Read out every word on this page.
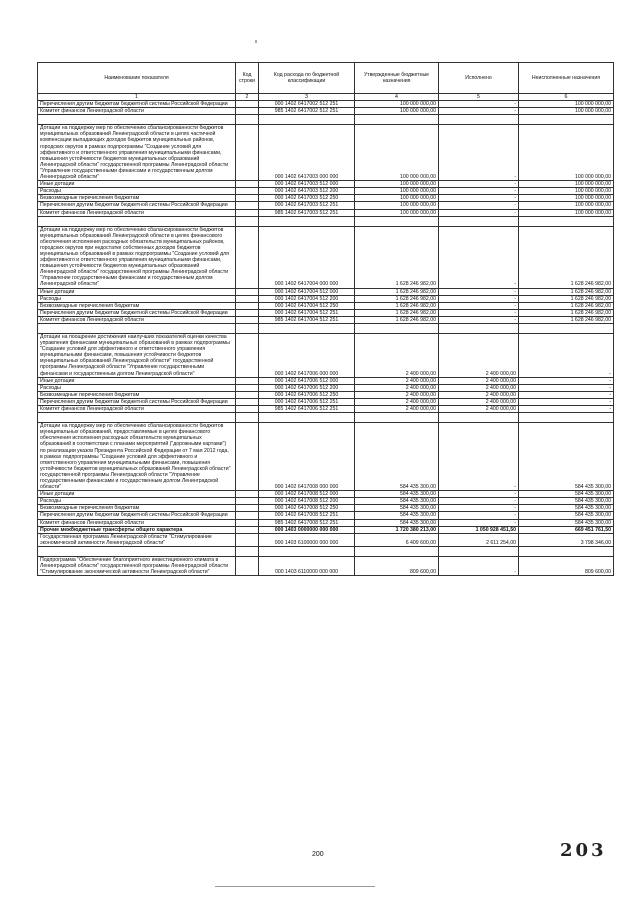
Наименование показателя	Код строки	Код расхода по бюджетной классификации	Утвержденные бюджетные назначения	Исполнено	Неисполненные назначения
1	2	3	4	5	6
Перечисления другим бюджетам бюджетной системы Российской Федерации		000 1402 6417002 512 251	100 000 000,00	-	100 000 000,00
Комитет финансов Ленинградской области		985 1402 6417002 512 251	100 000 000,00	-	100 000 000,00

Дотации на поддержку мер по обеспечению сбалансированности бюджетов муниципальных образований Ленинградской области в целях частичной компенсации выпадающих доходов бюджетов муниципальных районов, городских округов в рамках подпрограммы "Создание условий для эффективного и ответственного управления муниципальными финансами, повышения устойчивости бюджетов муниципальных образований Ленинградской области" государственной программы Ленинградской области "Управление государственными финансами и государственным долгом Ленинградской области"		000 1402 6417003 000 000	100 000 000,00	-	100 000 000,00
Иные дотации		000 1402 6417003 512 000	100 000 000,00	-	100 000 000,00
Расходы		000 1402 6417003 512 200	100 000 000,00	-	100 000 000,00
Безвозмездные перечисления бюджетам		000 1402 6417003 512 250	100 000 000,00	-	100 000 000,00
Перечисления другим бюджетам бюджетной системы Российской Федерации		000 1402 6417003 512 251	100 000 000,00	-	100 000 000,00
Комитет финансов Ленинградской области		985 1402 6417003 512 251	100 000 000,00	-	100 000 000,00

Дотации на поддержку мер по обеспечению сбалансированности бюджетов муниципальных образований Ленинградской области в целях финансового обеспечения исполнения расходных обязательств муниципальных районов, городских округов при недостатке собственных доходов бюджетов муниципальных образований в рамках подпрограммы "Создание условий для эффективного и ответственного управления муниципальными финансами, повышения устойчивости бюджетов муниципальных образований Ленинградской области" государственной программы Ленинградской области "Управление государственными финансами и государственным долгом Ленинградской области"		000 1402 6417004 000 000	1 628 246 982,00	-	1 628 246 982,00
Иные дотации		000 1402 6417004 512 000	1 628 246 982,00	-	1 628 246 982,00
Расходы		000 1402 6417004 512 200	1 628 246 982,00	-	1 628 246 982,00
Безвозмездные перечисления бюджетам		000 1402 6417004 512 250	1 628 246 982,00	-	1 628 246 982,00
Перечисления другим бюджетам бюджетной системы Российской Федерации		000 1402 6417004 512 251	1 628 246 982,00	-	1 628 246 982,00
Комитет финансов Ленинградской области		985 1402 6417004 512 251	1 628 246 982,00	-	1 628 246 982,00

Дотации на поощрение достижения наилучших показателей оценки качества управления финансами муниципальных образований в рамках подпрограммы "Создание условий для эффективного и ответственного управления муниципальными финансами, повышения устойчивости бюджетов муниципальных образований Ленинградской области" государственной программы Ленинградской области "Управление государственными финансами и государственным долгом Ленинградской области"		000 1402 6417006 000 000	2 400 000,00	2 400 000,00	-
Иные дотации		000 1402 6417006 512 000	2 400 000,00	2 400 000,00	-
Расходы		000 1402 6417006 512 200	2 400 000,00	2 400 000,00	-
Безвозмездные перечисления бюджетам		000 1402 6417006 512 250	2 400 000,00	2 400 000,00	-
Перечисления другим бюджетам бюджетной системы Российской Федерации		000 1402 6417006 512 251	2 400 000,00	2 400 000,00	-
Комитет финансов Ленинградской области		985 1402 6417006 512 251	2 400 000,00	2 400 000,00	-

Дотации на поддержку мер по обеспечению сбалансированности бюджетов муниципальных образований, предоставляемые в целях финансового обеспечения исполнения расходных обязательств муниципальных образований в соответствии с планами мероприятий ("дорожными картами") по реализации указов Президента Российской Федерации от 7 мая 2012 года, в рамках подпрограммы "Создание условий для эффективного и ответственного управления муниципальными финансами, повышения устойчивости бюджетов муниципальных образований Ленинградской области" государственной программы Ленинградской области "Управление государственными финансами и государственным долгом Ленинградской области"		000 1402 6417008 000 000	584 435 300,00	-	584 435 300,00
Иные дотации		000 1402 6417008 512 000	584 435 300,00	-	584 435 300,00
Расходы		000 1402 6417008 512 200	584 435 300,00	-	584 435 300,00
Безвозмездные перечисления бюджетам		000 1402 6417008 512 250	584 435 300,00	-	584 435 300,00
Перечисления другим бюджетам бюджетной системы Российской Федерации		000 1402 6417008 512 251	584 435 300,00	-	584 435 300,00
Комитет финансов Ленинградской области		985 1402 6417008 512 251	584 435 300,00	-	584 435 300,00
Прочие межбюджетные трансферты общего характера		000 1403 0000000 000 000	1 720 380 213,00	1 050 928 451,50	669 451 761,50
Государственная программа Ленинградской области "Стимулирование экономической активности Ленинградской области"		000 1403 6100000 000 000	6 409 600,00	2 611 254,00	3 798 346,00

Подпрограмма "Обеспечение благоприятного инвестиционного климата в Ленинградской области" государственной программы Ленинградской области "Стимулирование экономической активности Ленинградской области"		000 1403 6110000 000 000	809 600,00	-	809 600,00
200	203
